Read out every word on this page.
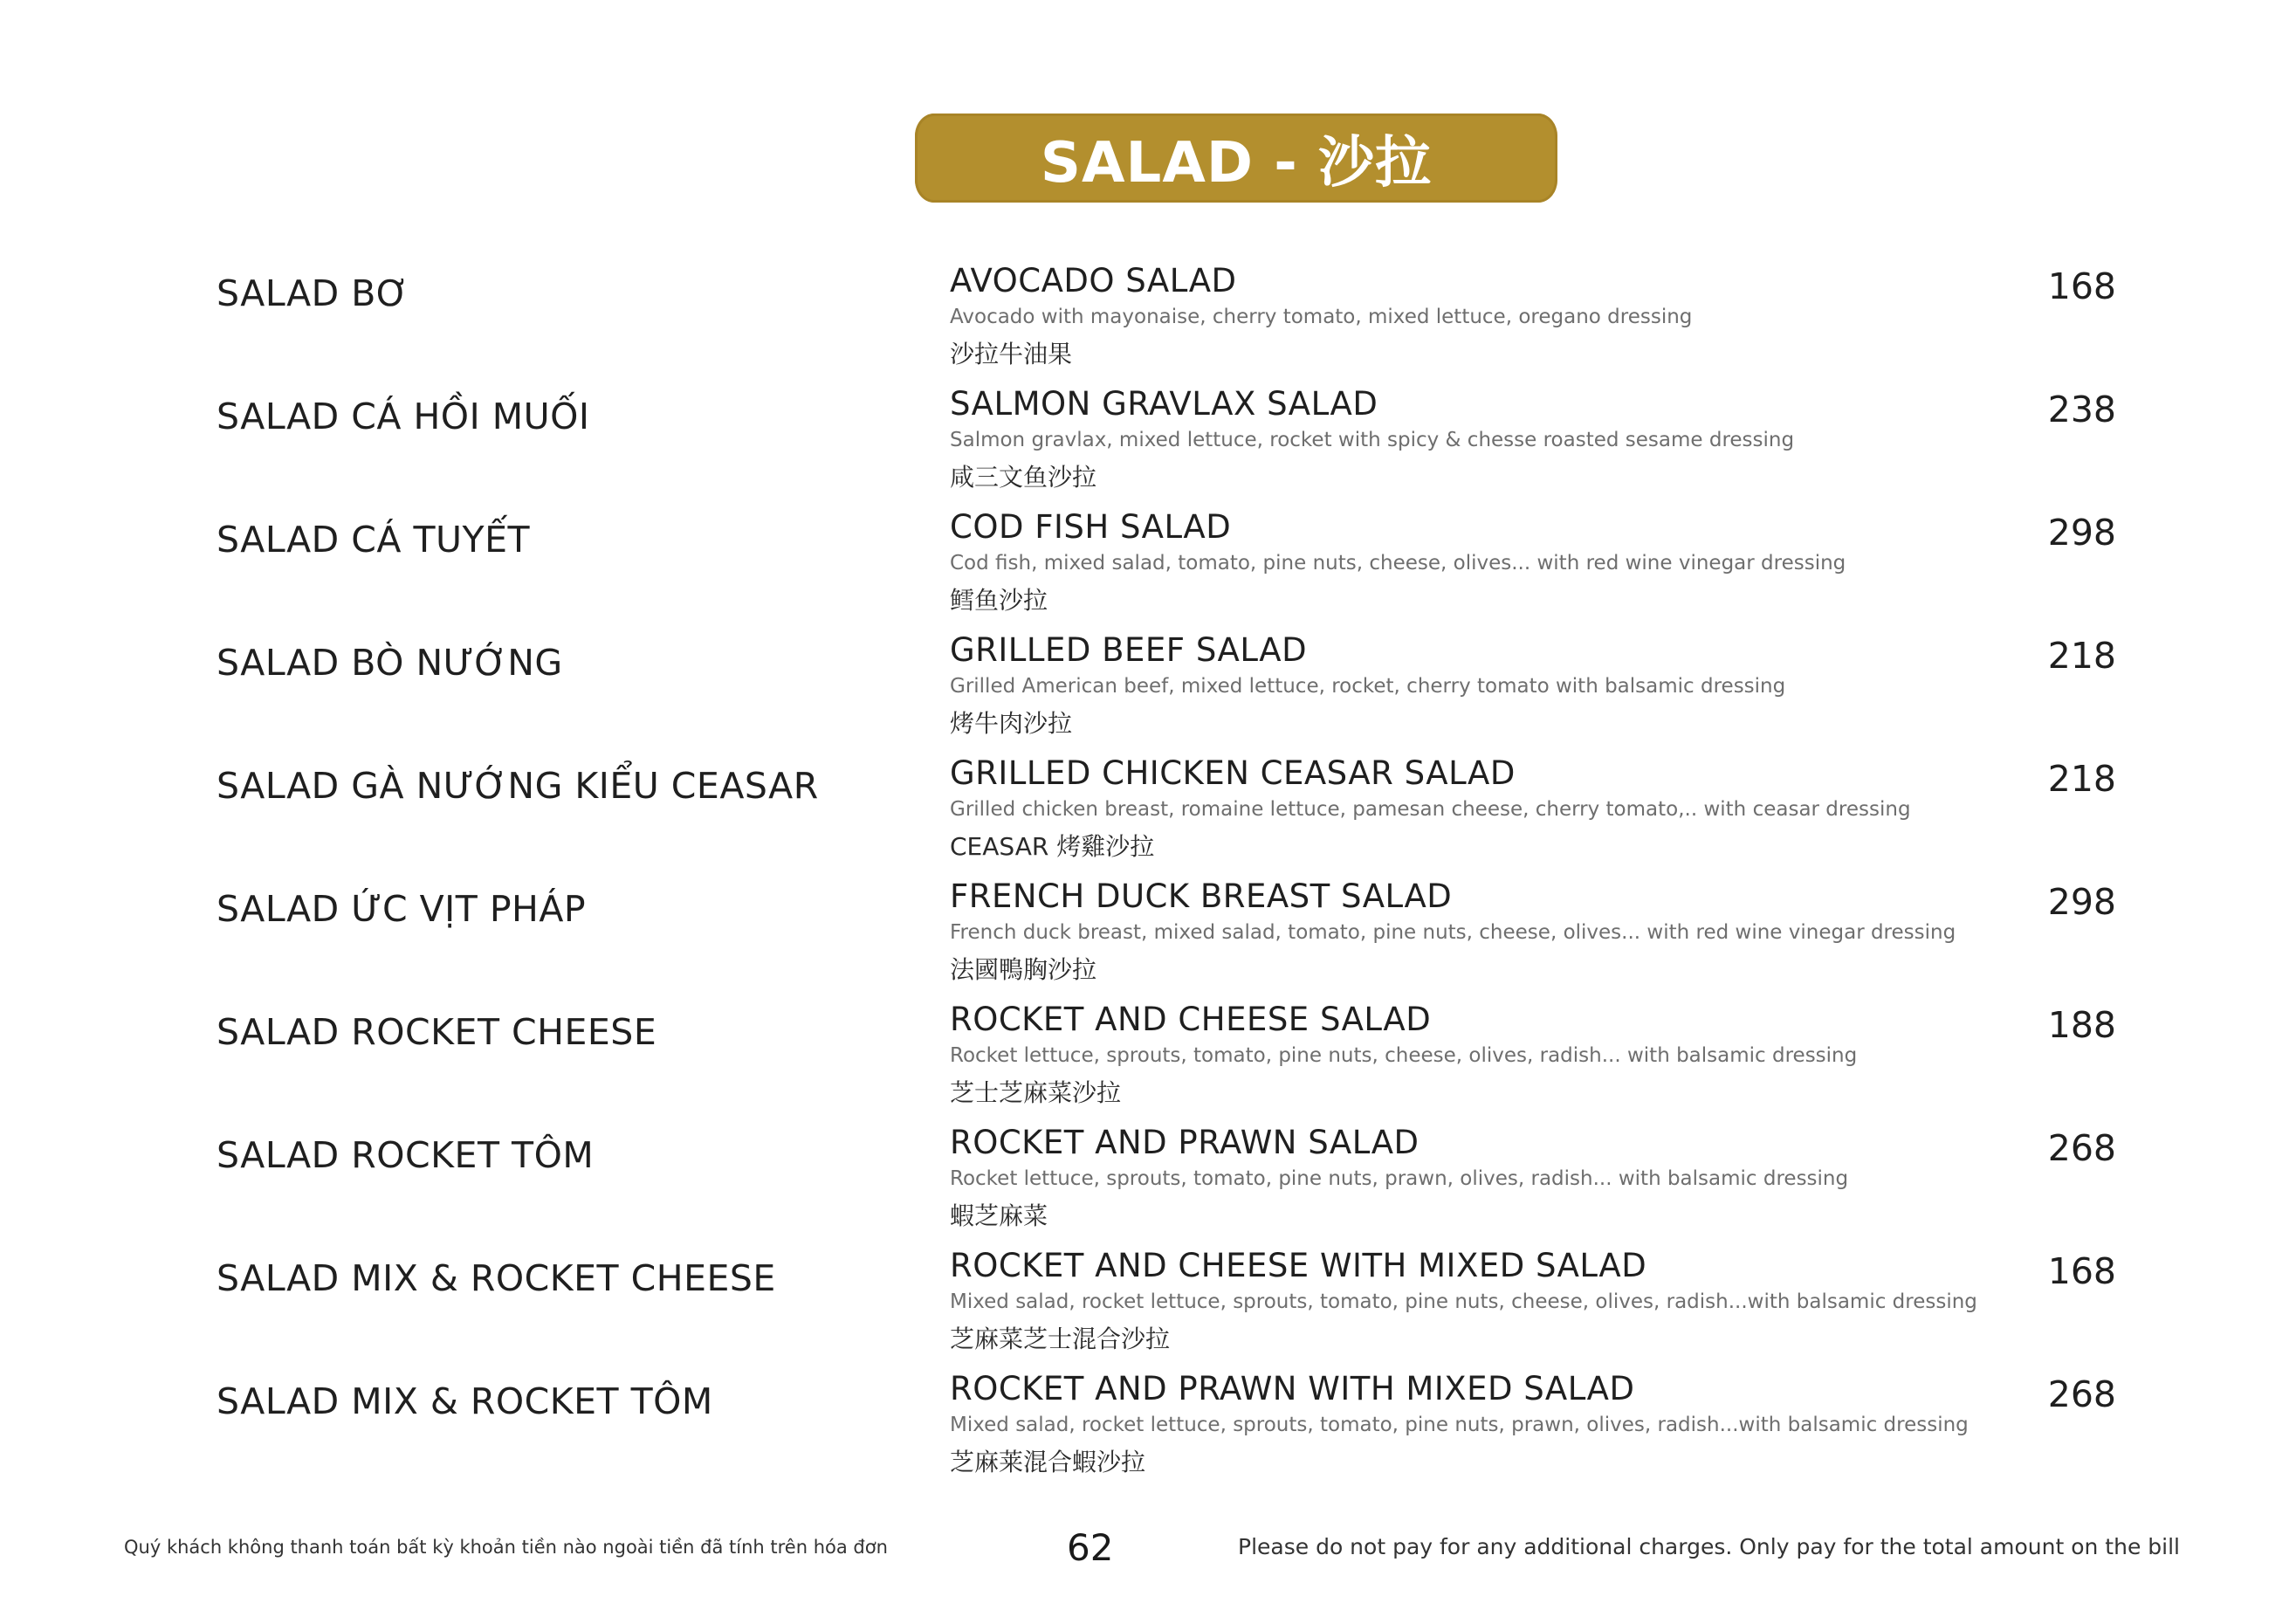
SALAD - 沙拉
SALAD BƠ	AVOCADO SALAD
Avocado with mayonaise, cherry tomato, mixed lettuce, oregano dressing
沙拉牛油果
168
SALAD CÁ HỒI MUỐI	SALMON GRAVLAX SALAD
Salmon gravlax, mixed lettuce, rocket with spicy & chesse roasted sesame dressing
咸三文鱼沙拉
238
SALAD CÁ TUYẾT	COD FISH SALAD
Cod fish, mixed salad, tomato, pine nuts, cheese, olives... with red wine vinegar dressing
鳕鱼沙拉
298
SALAD BÒ NƯỚNG	GRILLED BEEF SALAD
Grilled American beef, mixed lettuce, rocket, cherry tomato with balsamic dressing
烤牛肉沙拉
218
SALAD GÀ NƯỚNG KIỂU CEASAR	GRILLED CHICKEN CEASAR SALAD
Grilled chicken breast, romaine lettuce, pamesan cheese, cherry tomato,.. with ceasar dressing
CEASAR 烤雞沙拉
218
SALAD ỨC VỊT PHÁP	FRENCH DUCK BREAST SALAD
French duck breast, mixed salad, tomato, pine nuts, cheese, olives... with red wine vinegar dressing
法國鴨胸沙拉
298
SALAD ROCKET CHEESE	ROCKET AND CHEESE SALAD
Rocket lettuce, sprouts, tomato, pine nuts, cheese, olives, radish... with balsamic dressing
芝士芝麻菜沙拉
188
SALAD ROCKET TÔM	ROCKET AND PRAWN SALAD
Rocket lettuce, sprouts, tomato, pine nuts, prawn, olives, radish... with balsamic dressing
蝦芝麻菜
268
SALAD MIX & ROCKET CHEESE	ROCKET AND CHEESE WITH MIXED SALAD
Mixed salad, rocket lettuce, sprouts, tomato, pine nuts, cheese, olives, radish...with balsamic dressing
芝麻菜芝士混合沙拉
168
SALAD MIX & ROCKET TÔM	ROCKET AND PRAWN WITH MIXED SALAD
Mixed salad, rocket lettuce, sprouts, tomato, pine nuts, prawn, olives, radish...with balsamic dressing
芝麻莱混合蝦沙拉
268
Quý khách không thanh toán bất kỳ khoản tiền nào ngoài tiền đã tính trên hóa đơn	62	Please do not pay for any additional charges. Only pay for the total amount on the bill
